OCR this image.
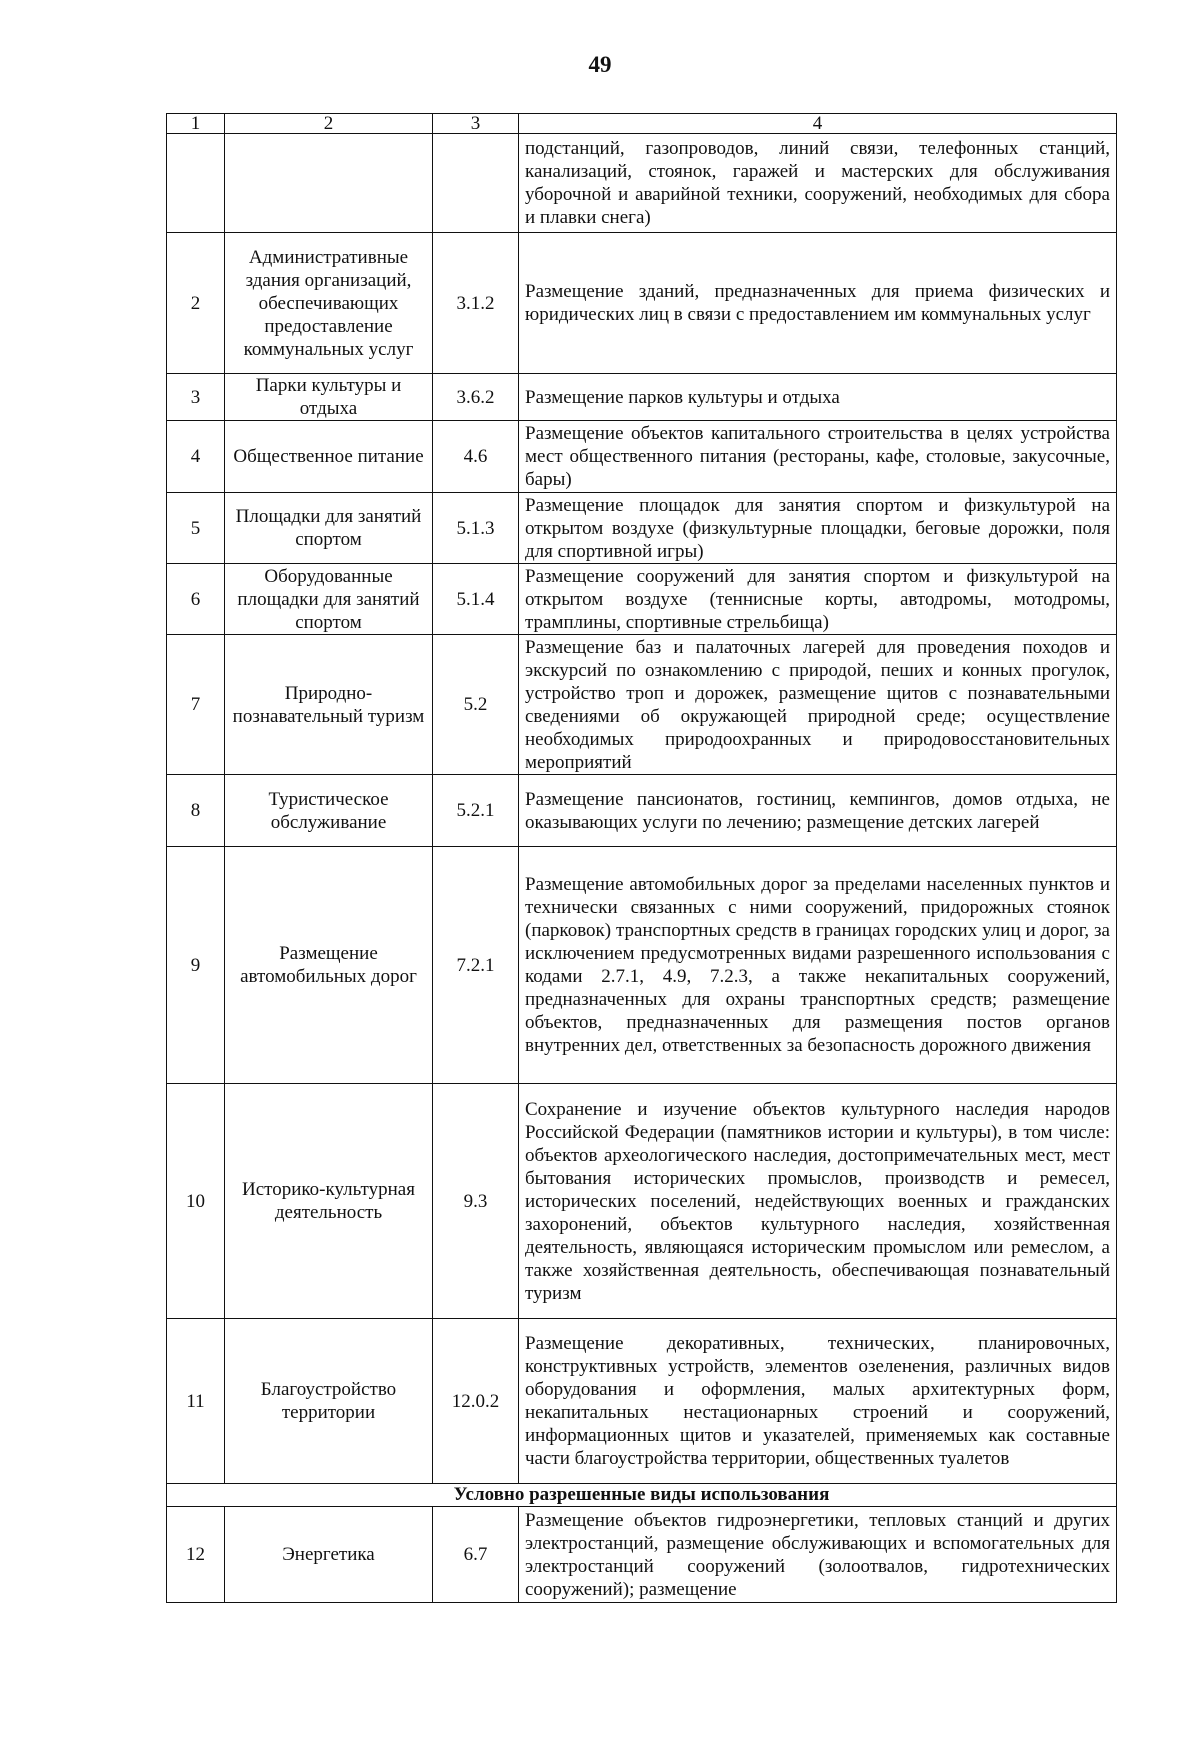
49
1	2	3	4
			подстанций, газопроводов, линий связи, телефонных станций, канализаций, стоянок, гаражей и мастерских для обслуживания уборочной и аварийной техники, сооружений, необходимых для сбора и плавки снега)
2	Административные здания организаций, обеспечивающих предоставление коммунальных услуг	3.1.2	Размещение зданий, предназначенных для приема физических и юридических лиц в связи с предоставлением им коммунальных услуг
3	Парки культуры и отдыха	3.6.2	Размещение парков культуры и отдыха
4	Общественное питание	4.6	Размещение объектов капитального строительства в целях устройства мест общественного питания (рестораны, кафе, столовые, закусочные, бары)
5	Площадки для занятий спортом	5.1.3	Размещение площадок для занятия спортом и физкультурой на открытом воздухе (физкультурные площадки, беговые дорожки, поля для спортивной игры)
6	Оборудованные площадки для занятий спортом	5.1.4	Размещение сооружений для занятия спортом и физкультурой на открытом воздухе (теннисные корты, автодромы, мотодромы, трамплины, спортивные стрельбища)
7	Природно-познавательный туризм	5.2	Размещение баз и палаточных лагерей для проведения походов и экскурсий по ознакомлению с природой, пеших и конных прогулок, устройство троп и дорожек, размещение щитов с познавательными сведениями об окружающей природной среде; осуществление необходимых природоохранных и природовосстановительных мероприятий
8	Туристическое обслуживание	5.2.1	Размещение пансионатов, гостиниц, кемпингов, домов отдыха, не оказывающих услуги по лечению; размещение детских лагерей
9	Размещение автомобильных дорог	7.2.1	Размещение автомобильных дорог за пределами населенных пунктов и технически связанных с ними сооружений, придорожных стоянок (парковок) транспортных средств в границах городских улиц и дорог, за исключением предусмотренных видами разрешенного использования с кодами 2.7.1, 4.9, 7.2.3, а также некапитальных сооружений, предназначенных для охраны транспортных средств; размещение объектов, предназначенных для размещения постов органов внутренних дел, ответственных за безопасность дорожного движения
10	Историко-культурная деятельность	9.3	Сохранение и изучение объектов культурного наследия народов Российской Федерации (памятников истории и культуры), в том числе: объектов археологического наследия, достопримечательных мест, мест бытования исторических промыслов, производств и ремесел, исторических поселений, недействующих военных и гражданских захоронений, объектов культурного наследия, хозяйственная деятельность, являющаяся историческим промыслом или ремеслом, а также хозяйственная деятельность, обеспечивающая познавательный туризм
11	Благоустройство территории	12.0.2	Размещение декоративных, технических, планировочных, конструктивных устройств, элементов озеленения, различных видов оборудования и оформления, малых архитектурных форм, некапитальных нестационарных строений и сооружений, информационных щитов и указателей, применяемых как составные части благоустройства территории, общественных туалетов
Условно разрешенные виды использования			
12	Энергетика	6.7	Размещение объектов гидроэнергетики, тепловых станций и других электростанций, размещение обслуживающих и вспомогательных для электростанций сооружений (золоотвалов, гидротехнических сооружений); размещение
